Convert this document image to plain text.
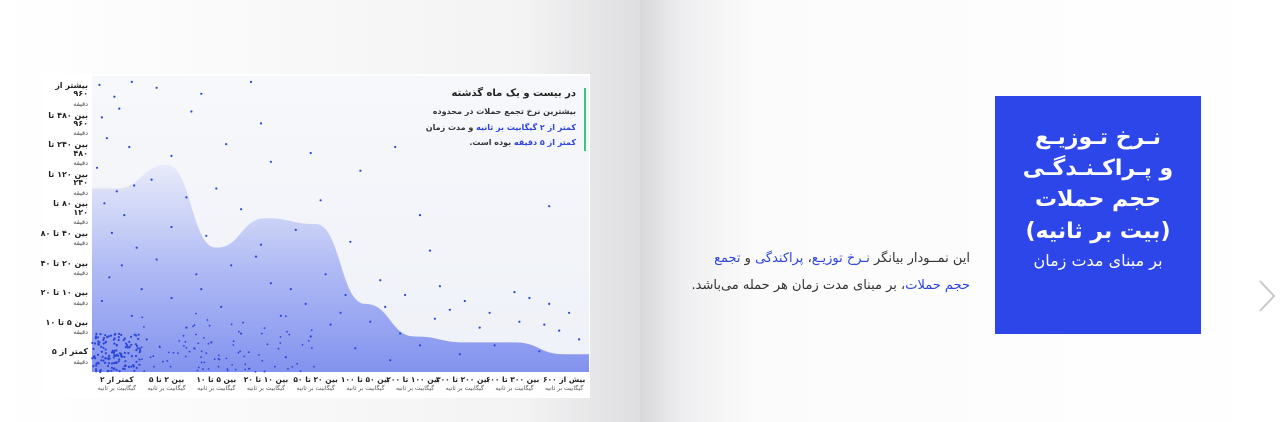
بیشتر از ۹۶۰
دقیقه
بین ۴۸۰ تا ۹۶۰
دقیقه
بین ۲۴۰ تا ۴۸۰
دقیقه
بین ۱۲۰ تا ۲۴۰
دقیقه
بین ۸۰ تا ۱۲۰
دقیقه
بین ۴۰ تا ۸۰
دقیقه
بین ۲۰ تا ۴۰
دقیقه
بین ۱۰ تا ۲۰
دقیقه
بین ۵ تا ۱۰
دقیقه
کمتر از ۵
دقیقه
کمتر از ۲
گیگابیت بر ثانیه
بین ۲ تا ۵
گیگابیت بر ثانیه
بین ۵ تا ۱۰
گیگابیت بر ثانیه
بین ۱۰ تا ۲۰
گیگابیت بر ثانیه
بین ۲۰ تا ۵۰
گیگابیت بر ثانیه
بین ۵۰ تا ۱۰۰
گیگابیت بر ثانیه
بین ۱۰۰ تا ۲۰۰
گیگابیت بر ثانیه
بین ۲۰۰ تا ۳۰۰
گیگابیت بر ثانیه
بین ۳۰۰ تا ۶۰۰
گیگابیت بر ثانیه
بیش از ۶۰۰
گیگابیت بر ثانیه
در بیست و یک ماه گذشته
بیشترین نرخ تجمع حملات در محدوده
کمتر از ۲ گیگابیت بر ثانیه و مدت زمان
کمتر از ۵ دقیقه بوده است.
این نمــودار بیانگر نـرخ توزیـع، پراکندگی و تجمع حجم حملات، بر مبنای مدت زمان هر حمله می‌باشد.
نـرخ تـوزیـع
و پـراکـنـدگـی
حجم حملات
(بیت بر ثانیه)
بر مبنای مدت زمان
